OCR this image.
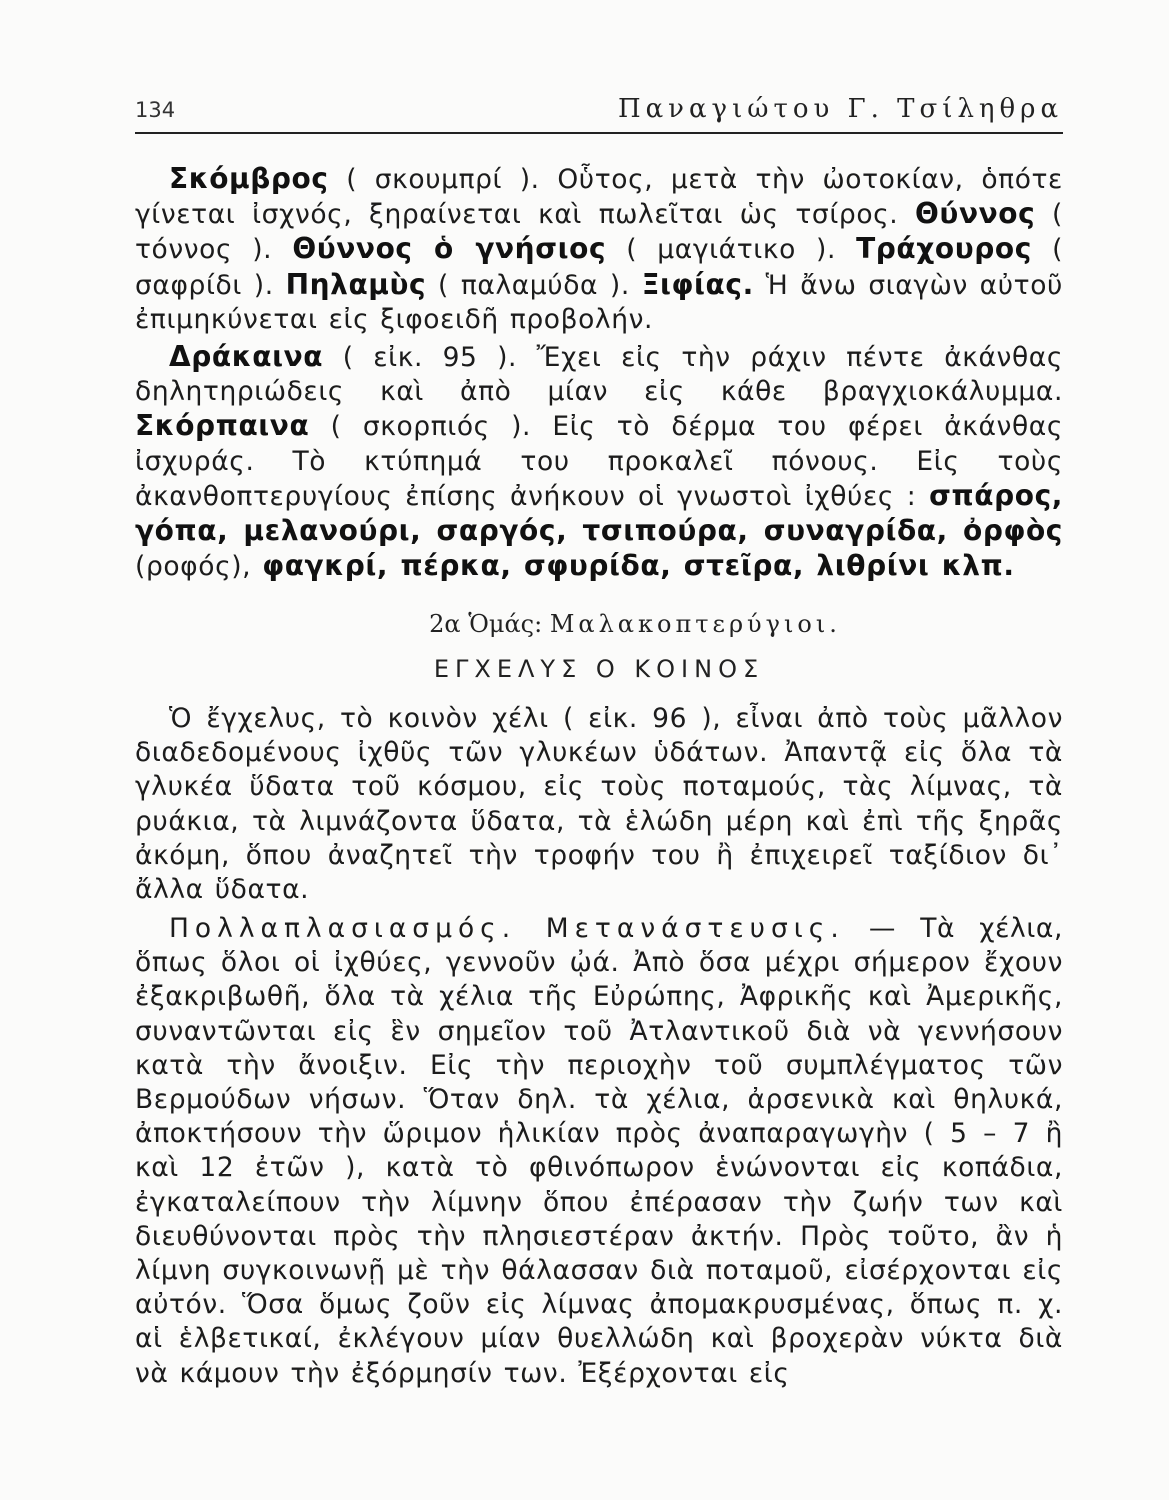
134	Παναγιώτου Γ. Τσίληθρα

Σκόμβρος ( σκουμπρί ). Οὗτος, μετὰ τὴν ὠοτοκίαν, ὁπότε γίνεται ἰσχνός, ξηραίνεται καὶ πωλεῖται ὡς τσίρος. Θύννος ( τόννος ). Θύννος ὁ γνήσιος ( μαγιάτικο ). Τράχουρος ( σαφρίδι ). Πηλαμὺς ( παλαμύδα ). Ξιφίας. Ἡ ἄνω σιαγὼν αὐτοῦ ἐπιμηκύνεται εἰς ξιφοειδῆ προβολήν.

Δράκαινα ( εἰκ. 95 ). Ἔχει εἰς τὴν ράχιν πέντε ἀκάνθας δηλητηριώδεις καὶ ἀπὸ μίαν εἰς κάθε βραγχιοκάλυμμα. Σκόρπαινα ( σκορπιός ). Εἰς τὸ δέρμα του φέρει ἀκάνθας ἰσχυράς. Τὸ κτύπημά του προκαλεῖ πόνους. Εἰς τοὺς ἀκανθοπτερυγίους ἐπίσης ἀνήκουν οἱ γνωστοὶ ἰχθύες : σπάρος, γόπα, μελανούρι, σαργός, τσιπούρα, συναγρίδα, ὀρφὸς (ροφός), φαγκρί, πέρκα, σφυρίδα, στεῖρα, λιθρίνι κλπ.

2α Ὁμάς: Μαλακοπτερύγιοι.
ΕΓΧΕΛΥΣ Ο ΚΟΙΝΟΣ

Ὁ ἔγχελυς, τὸ κοινὸν χέλι ( εἰκ. 96 ), εἶναι ἀπὸ τοὺς μᾶλλον διαδεδομένους ἰχθῦς τῶν γλυκέων ὑδάτων. Ἀπαντᾷ εἰς ὅλα τὰ γλυκέα ὕδατα τοῦ κόσμου, εἰς τοὺς ποταμούς, τὰς λίμνας, τὰ ρυάκια, τὰ λιμνάζοντα ὕδατα, τὰ ἑλώδη μέρη καὶ ἐπὶ τῆς ξηρᾶς ἀκόμη, ὅπου ἀναζητεῖ τὴν τροφήν του ἢ ἐπιχειρεῖ ταξίδιον δι᾽ ἄλλα ὕδατα.

Πολλαπλασιασμός. Μετανάστευσις. — Τὰ χέλια, ὅπως ὅλοι οἱ ἰχθύες, γεννοῦν ᾠά. Ἀπὸ ὅσα μέχρι σήμερον ἔχουν ἐξακριβωθῆ, ὅλα τὰ χέλια τῆς Εὐρώπης, Ἀφρικῆς καὶ Ἀμερικῆς, συναντῶνται εἰς ἓν σημεῖον τοῦ Ἀτλαντικοῦ διὰ νὰ γεννήσουν κατὰ τὴν ἄνοιξιν. Εἰς τὴν περιοχὴν τοῦ συμπλέγματος τῶν Βερμούδων νήσων. Ὅταν δηλ. τὰ χέλια, ἀρσενικὰ καὶ θηλυκά, ἀποκτήσουν τὴν ὥριμον ἡλικίαν πρὸς ἀναπαραγωγὴν ( 5 – 7 ἢ καὶ 12 ἐτῶν ), κατὰ τὸ φθινόπωρον ἑνώνονται εἰς κοπάδια, ἐγκαταλείπουν τὴν λίμνην ὅπου ἐπέρασαν τὴν ζωήν των καὶ διευθύνονται πρὸς τὴν πλησιεστέραν ἀκτήν. Πρὸς τοῦτο, ἂν ἡ λίμνη συγκοινωνῇ μὲ τὴν θάλασσαν διὰ ποταμοῦ, εἰσέρχονται εἰς αὐτόν. Ὅσα ὅμως ζοῦν εἰς λίμνας ἀπομακρυσμένας, ὅπως π. χ. αἱ ἑλβετικαί, ἐκλέγουν μίαν θυελλώδη καὶ βροχερὰν νύκτα διὰ νὰ κάμουν τὴν ἐξόρμησίν των. Ἐξέρχονται εἰς
